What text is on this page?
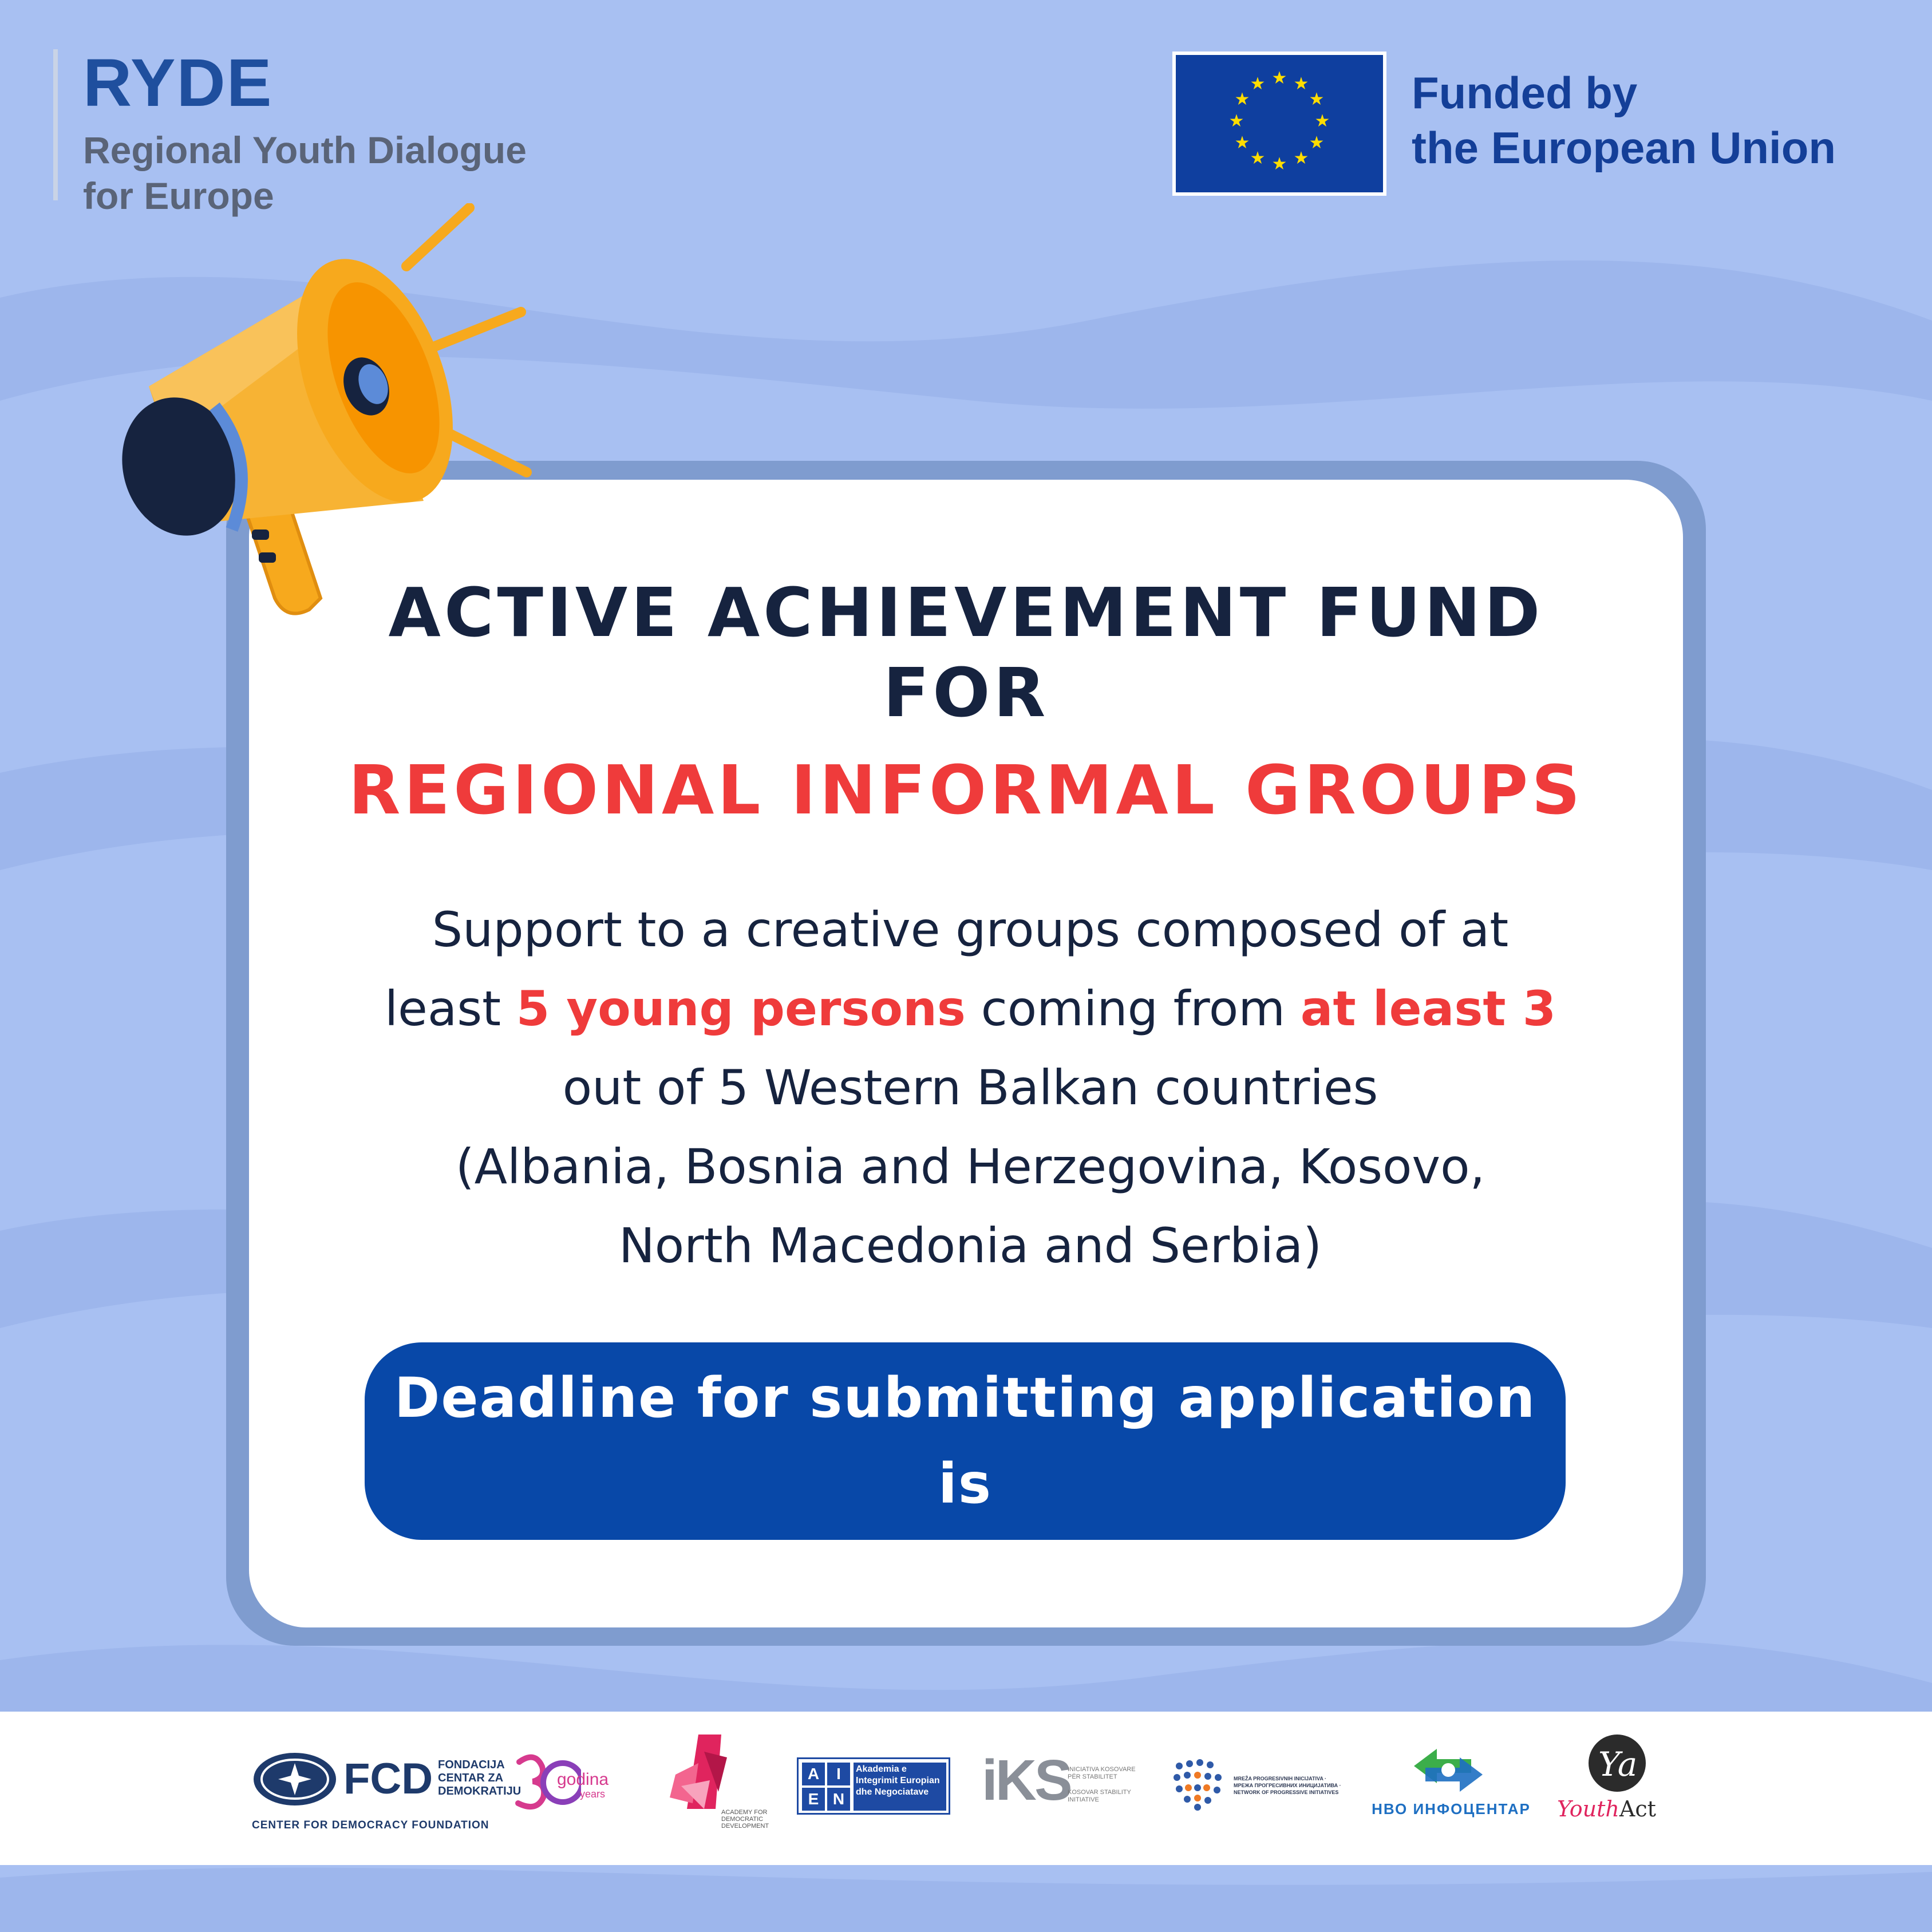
RYDE
Regional Youth Dialogue
for Europe
★ ★
★
★
★
★
★
★
★
★
★
★	Funded by
the European Union
ACTIVE ACHIEVEMENT FUND
FOR
REGIONAL INFORMAL GROUPS
Support to a creative groups composed of at
least 5 young persons coming from at least 3
out of 5 Western Balkan countries
(Albania, Bosnia and Herzegovina, Kosovo,
North Macedonia and Serbia)
Deadline for submitting application is
July 18, 2025
FCD FONDACIJA
CENTAR ZA
DEMOKRATIJU
godina
years
CENTER FOR DEMOCRACY FOUNDATION
ACADEMY FOR DEMOCRATIC DEVELOPMENT
A	I
E N
Akademia e Integrimit Europian dhe Negociatave iKS
INICIATIVA KOSOVARE PËR STABILITET
KOSOVAR STABILITY INITIATIVE
MREŽA PROGRESIVNIH INICIJATIVA · МРЕЖА ПРОГРЕСИВНИХ ИНИЦИЈАТИВА · NETWORK OF PROGRESSIVE INITIATIVES
НВО ИНФОЦЕНТАР
Ya
YouthAct
